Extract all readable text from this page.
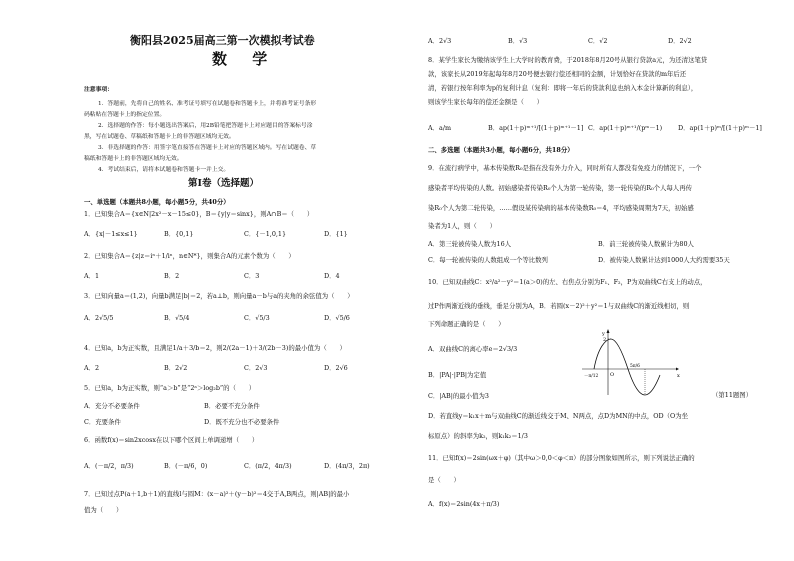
衡阳县2025届高三第一次模拟考试卷
数 学
注意事项：
1．答题前，先将自己的姓名、准考证号填写在试题卷和答题卡上，并将准考证号条形
码粘贴在答题卡上的指定位置。
2．选择题的作答：每小题选出答案后，用2B铅笔把答题卡上对应题目的答案标号涂
黑，写在试题卷、草稿纸和答题卡上的非答题区域均无效。
3．非选择题的作答：用签字笔直接答在答题卡上对应的答题区域内。写在试题卷、草
稿纸和答题卡上的非答题区域均无效。
4．考试结束后，请将本试题卷和答题卡一并上交。
第Ⅰ卷（选择题）
一、单选题（本题共8小题，每小题5分，共40分）
1．已知集合A＝{x∈N|2x²－x－15≤0}，B＝{y|y＝sinx}，则A∩B＝（　　）
A．{x|－1≤x≤1}	B．{0,1}	C．{－1,0,1}	D．{1}
2．已知集合A＝{z|z＝iⁿ＋1/iⁿ，n∈N*}，则集合A的元素个数为（　　）
A．1	B．2	C．3	D．4
3．已知向量a＝(1,2)，向量b满足|b|＝2，若a⊥b，则向量a－b与a的夹角的余弦值为（　　）
A．2√5/5	B．√5/4	C．√5/3	D．√5/6
4．已知a，b为正实数，且满足1/a＋3/b＝2，则2/(2a－1)＋3/(2b－3)的最小值为（　　）
A．2	B．2√2	C．2√3	D．2√6
5．已知a，b为正实数，则“a＞b”是“2ᵃ＞log₂b”的（　　）
A．充分不必要条件	B．必要不充分条件
C．充要条件	D．既不充分也不必要条件
6．函数f(x)＝sin2xcosx在以下哪个区间上单调递增（　　）
A．(－π/2，π/3)	B．(－π/6，0)	C．(π/2，4π/3)	D．(4π/3，2π)
7．已知过点P(a＋1,b＋1)的直线l与圆M：(x－a)²＋(y－b)²＝4交于A,B两点，则|AB|的最小
值为（　　）
A．2√3	B．√3	C．√2	D．2√2
8．某学生家长为缴纳该学生上大学时的教育费，于2018年8月20号从银行贷款a元，为还清这笔贷
款，该家长从2019年起每年8月20号便去银行偿还相同的金额，计划恰好在贷款的m年后还
清，若银行按年利率为p的复利计息（复利：即将一年后的贷款利息也纳入本金计算新的利息），
则该学生家长每年的偿还金额是（　　）
A．a/m	B．ap(1＋p)ᵐ⁺¹/[(1＋p)ᵐ⁺¹－1] C．ap(1＋p)ᵐ⁺¹/(pᵐ－1) D．ap(1＋p)ᵐ/[(1＋p)ᵐ－1]
二、多选题（本题共3小题，每小题6分，共18分）
9．在流行病学中，基本传染数R₀是指在没有外力介入，同时所有人都没有免疫力的情况下，一个
感染者平均传染的人数。初始感染者传染R₀个人为第一轮传染，第一轮传染的R₀个人每人再传
染R₀个人为第二轮传染，……假设某传染病的基本传染数R₀＝4，平均感染周期为7天，初始感
染者为1人，则（　　）
A．第三轮被传染人数为16人	B．前三轮被传染人数累计为80人
C．每一轮被传染的人数组成一个等比数列	D．被传染人数累计达到1000人大约需要35天
10．已知双曲线C：x²/a²－y²＝1(a＞0)的左、右焦点分别为F₁、F₂，P为双曲线C右支上的动点，
过P作两渐近线的垂线，垂足分别为A，B．若圆(x－2)²＋y²＝1与双曲线C的渐近线相切，则
下列命题正确的是（　　）
A．双曲线C的离心率e＝2√3/3
B．|PA|·|PB|为定值
C．|AB|的最小值为3
D．若直线y＝k₁x＋m与双曲线C的渐近线交于M、N两点，点D为MN的中点，OD（O为坐
标原点）的斜率为k₂，则k₁k₂＝1/3
11．已知f(x)＝2sin(ωx＋φ)（其中ω＞0,0＜φ＜π）的部分图象如图所示，则下列说法正确的
是（　　）
A．f(x)＝2sin(4x＋π/3)
y
x
2
O
－π/12
5π/6
（第11题图）
